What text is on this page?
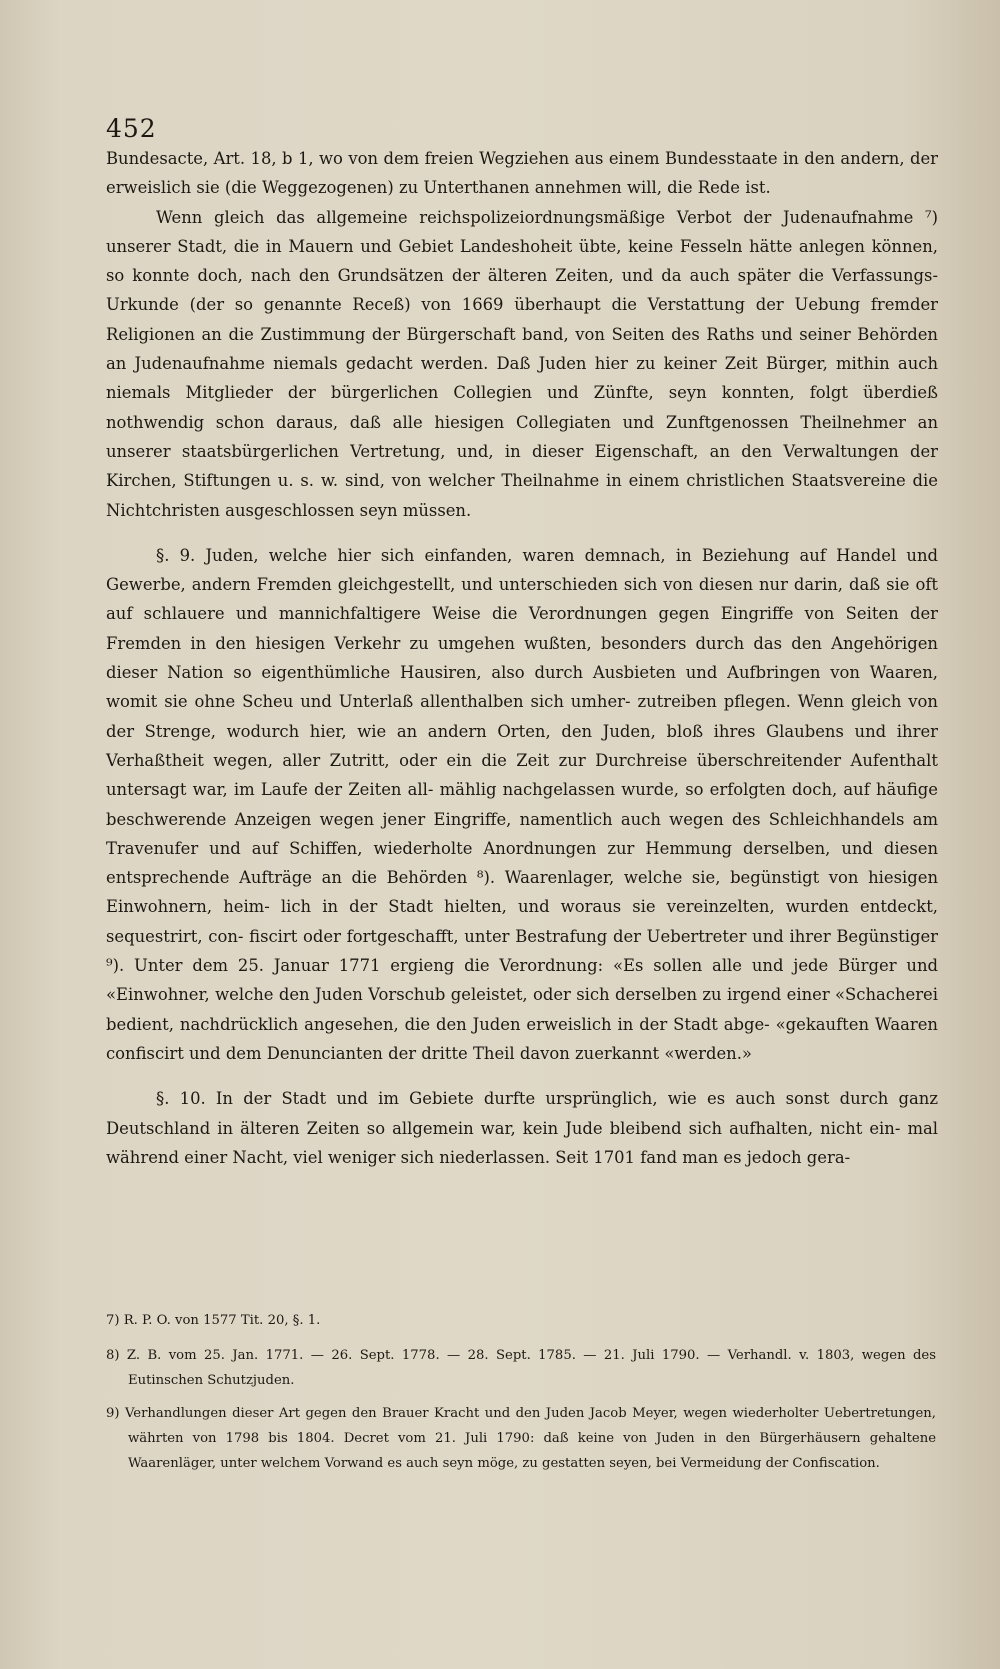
452

Bundesacte, Art. 18, b 1, wo von dem freien Wegziehen aus einem Bundesstaate in den andern, der erweislich sie (die Weggezogenen) zu Unterthanen annehmen will, die Rede ist.

Wenn gleich das allgemeine reichspolizeiordnungsmäßige Verbot der Judenaufnahme ⁷) unserer Stadt, die in Mauern und Gebiet Landeshoheit übte, keine Fesseln hätte anlegen können, so konnte doch, nach den Grundsätzen der älteren Zeiten, und da auch später die Verfassungs-Urkunde (der so genannte Receß) von 1669 überhaupt die Verstattung der Uebung fremder Religionen an die Zustimmung der Bürgerschaft band, von Seiten des Raths und seiner Behörden an Judenaufnahme niemals gedacht werden. Daß Juden hier zu keiner Zeit Bürger, mithin auch niemals Mitglieder der bürgerlichen Collegien und Zünfte, seyn konnten, folgt überdieß nothwendig schon daraus, daß alle hiesigen Collegiaten und Zunftgenossen Theilnehmer an unserer staatsbürgerlichen Vertretung, und, in dieser Eigenschaft, an den Verwaltungen der Kirchen, Stiftungen u. s. w. sind, von welcher Theilnahme in einem christlichen Staatsvereine die Nichtchristen ausgeschlossen seyn müssen.

§. 9. Juden, welche hier sich einfanden, waren demnach, in Beziehung auf Handel und Gewerbe, andern Fremden gleichgestellt, und unterschieden sich von diesen nur darin, daß sie oft auf schlauere und mannichfaltigere Weise die Verordnungen gegen Eingriffe von Seiten der Fremden in den hiesigen Verkehr zu umgehen wußten, besonders durch das den Angehörigen dieser Nation so eigenthümliche Hausiren, also durch Ausbieten und Aufbringen von Waaren, womit sie ohne Scheu und Unterlaß allenthalben sich umher- zutreiben pflegen. Wenn gleich von der Strenge, wodurch hier, wie an andern Orten, den Juden, bloß ihres Glaubens und ihrer Verhaßtheit wegen, aller Zutritt, oder ein die Zeit zur Durchreise überschreitender Aufenthalt untersagt war, im Laufe der Zeiten all- mählig nachgelassen wurde, so erfolgten doch, auf häufige beschwerende Anzeigen wegen jener Eingriffe, namentlich auch wegen des Schleichhandels am Travenufer und auf Schiffen, wiederholte Anordnungen zur Hemmung derselben, und diesen entsprechende Aufträge an die Behörden ⁸). Waarenlager, welche sie, begünstigt von hiesigen Einwohnern, heim- lich in der Stadt hielten, und woraus sie vereinzelten, wurden entdeckt, sequestrirt, con- fiscirt oder fortgeschafft, unter Bestrafung der Uebertreter und ihrer Begünstiger ⁹). Unter dem 25. Januar 1771 ergieng die Verordnung: «Es sollen alle und jede Bürger und «Einwohner, welche den Juden Vorschub geleistet, oder sich derselben zu irgend einer «Schacherei bedient, nachdrücklich angesehen, die den Juden erweislich in der Stadt abge- «gekauften Waaren confiscirt und dem Denuncianten der dritte Theil davon zuerkannt «werden.»

§. 10. In der Stadt und im Gebiete durfte ursprünglich, wie es auch sonst durch ganz Deutschland in älteren Zeiten so allgemein war, kein Jude bleibend sich aufhalten, nicht ein- mal während einer Nacht, viel weniger sich niederlassen. Seit 1701 fand man es jedoch gera-

7) R. P. O. von 1577 Tit. 20, §. 1.

8) Z. B. vom 25. Jan. 1771. — 26. Sept. 1778. — 28. Sept. 1785. — 21. Juli 1790. — Verhandl. v. 1803, wegen des Eutinschen Schutzjuden.

9) Verhandlungen dieser Art gegen den Brauer Kracht und den Juden Jacob Meyer, wegen wiederholter Uebertretungen, währten von 1798 bis 1804. Decret vom 21. Juli 1790: daß keine von Juden in den Bürgerhäusern gehaltene Waarenläger, unter welchem Vorwand es auch seyn möge, zu gestatten seyen, bei Vermeidung der Confiscation.
